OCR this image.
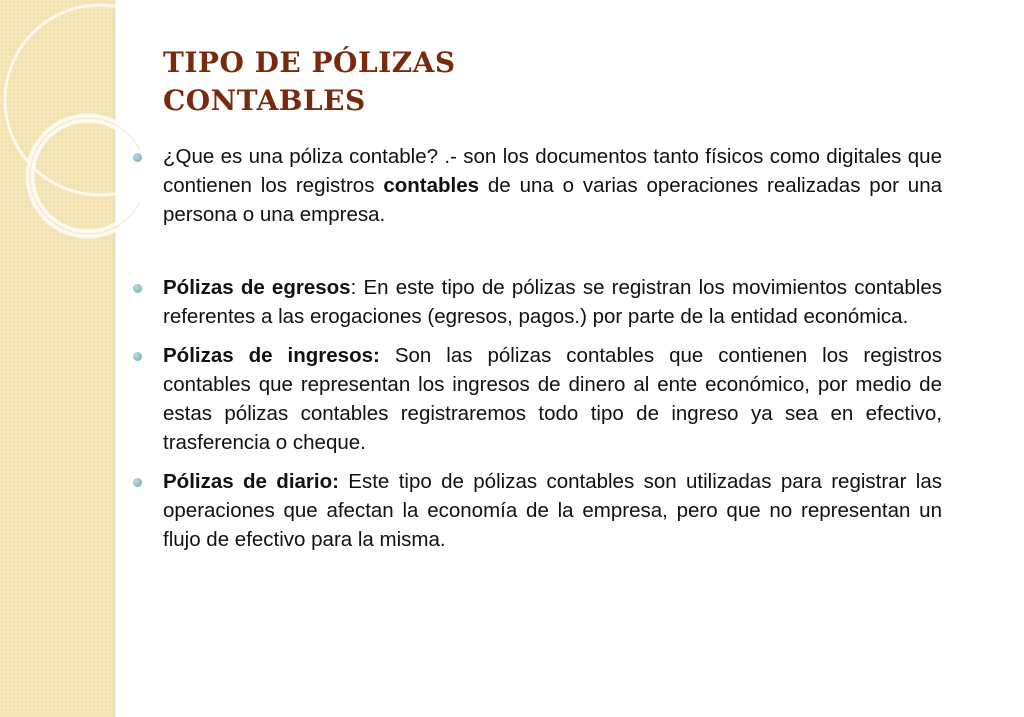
TIPO DE PÓLIZAS
CONTABLES
¿Que es una póliza contable? .- son los documentos tanto físicos como digitales que contienen los registros contables de una o varias operaciones realizadas por una persona o una empresa.
Pólizas de egresos: En este tipo de pólizas se registran los movimientos contables referentes a las erogaciones (egresos, pagos.) por parte de la entidad económica.
Pólizas de ingresos: Son las pólizas contables que contienen los registros contables que representan los ingresos de dinero al ente económico, por medio de estas pólizas contables registraremos todo tipo de ingreso ya sea en efectivo, trasferencia o cheque.
Pólizas de diario: Este tipo de pólizas contables son utilizadas para registrar las operaciones que afectan la economía de la empresa, pero que no representan un flujo de efectivo para la misma.
